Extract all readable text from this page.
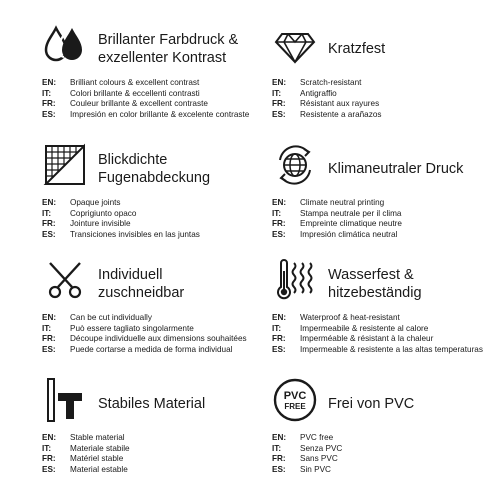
Brillanter Farbdruck &
exzellenter Kontrast
EN:	Brilliant colours & excellent contrast
IT:	Colori brillante & eccellenti contrasti
FR:	Couleur brillante & excellent contraste
ES:	Impresión en color brillante & excelente contraste
Kratzfest
EN:	Scratch-resistant
IT:	Antigraffio
FR:	Résistant aux rayures
ES:	Resistente a arañazos
Blickdichte
Fugenabdeckung
EN:	Opaque joints
IT:	Coprigiunto opaco
FR:	Jointure invisible
ES:	Transiciones invisibles en las juntas
Klimaneutraler Druck
EN:	Climate neutral printing
IT:	Stampa neutrale per il clima
FR:	Empreinte climatique neutre
ES:	Impresión climática neutral
Individuell
zuschneidbar
EN:	Can be cut individually
IT:	Può essere tagliato singolarmente
FR:	Découpe individuelle aux dimensions souhaitées
ES:	Puede cortarse a medida de forma individual
Wasserfest &
hitzebeständig
EN:	Waterproof & heat-resistant
IT:	Impermeabile & resistente al calore
FR:	Imperméable & résistant à la chaleur
ES:	Impermeable & resistente a las altas temperaturas
Stabiles Material
EN:	Stable material
IT:	Materiale stabile
FR:	Matériel stable
ES:	Material estable
PVC
FREE Frei von PVC
EN:	PVC free
IT:	Senza PVC
FR:	Sans PVC
ES:	Sin PVC
